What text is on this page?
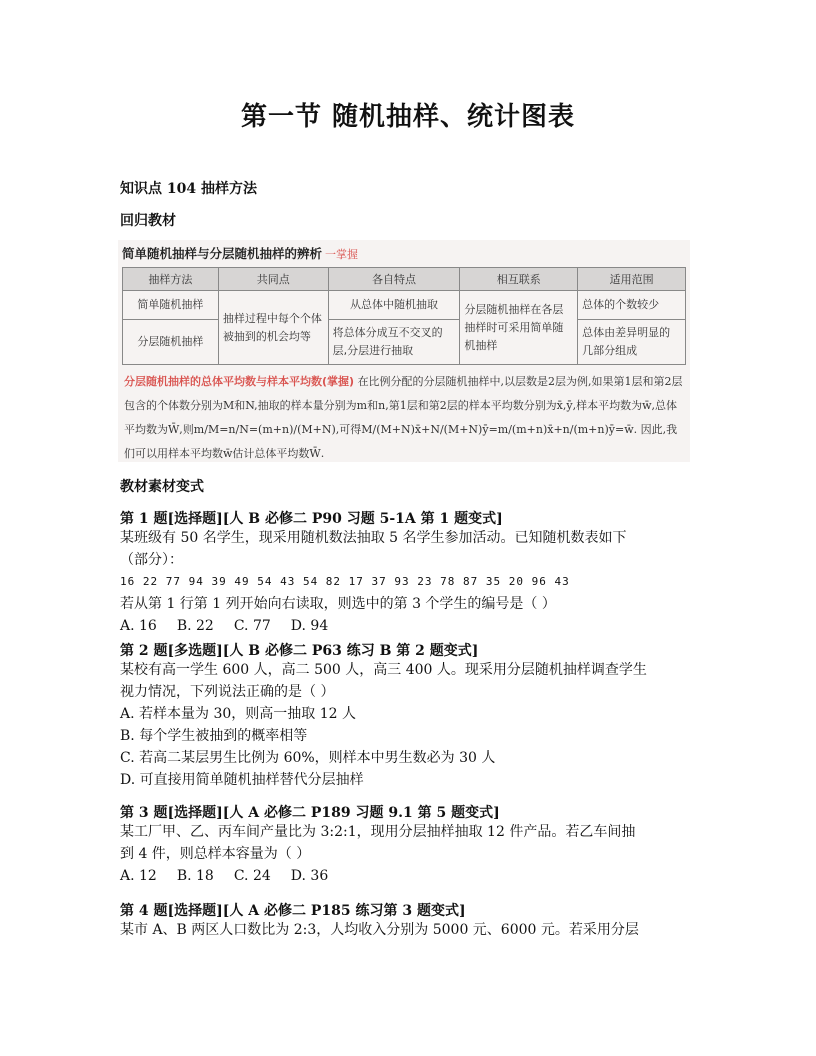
第一节 随机抽样、统计图表
知识点 104 抽样方法
回归教材
简单随机抽样与分层随机抽样的辨析 一掌握
抽样方法	共同点	各自特点	相互联系	适用范围
简单随机抽样	抽样过程中每个个体被抽到的机会均等	从总体中随机抽取	分层随机抽样在各层抽样时可采用简单随机抽样	总体的个数较少
分层随机抽样		将总体分成互不交叉的层,分层进行抽取		总体由差异明显的几部分组成
分层随机抽样的总体平均数与样本平均数(掌握) 在比例分配的分层随机抽样中,以层数是2层为例,如果第1层和第2层包含的个体数分别为M和N,抽取的样本量分别为m和n,第1层和第2层的样本平均数分别为x̄,ȳ,样本平均数为w̄,总体平均数为W̄,则m/M=n/N=(m+n)/(M+N),可得M/(M+N)x̄+N/(M+N)ȳ=m/(m+n)x̄+n/(m+n)ȳ=w̄. 因此,我们可以用样本平均数w̄估计总体平均数W̄.
教材素材变式
第 1 题[选择题][人 B 必修二 P90 习题 5-1A 第 1 题变式]
某班级有 50 名学生，现采用随机数法抽取 5 名学生参加活动。已知随机数表如下
（部分）：
16 22 77 94 39 49 54 43 54 82 17 37 93 23 78 87 35 20 96 43
若从第 1 行第 1 列开始向右读取，则选中的第 3 个学生的编号是（ ）
A. 16 B. 22 C. 77 D. 94
第 2 题[多选题][人 B 必修二 P63 练习 B 第 2 题变式]
某校有高一学生 600 人，高二 500 人，高三 400 人。现采用分层随机抽样调查学生
视力情况，下列说法正确的是（ ）
A. 若样本量为 30，则高一抽取 12 人
B. 每个学生被抽到的概率相等
C. 若高二某层男生比例为 60%，则样本中男生数必为 30 人
D. 可直接用简单随机抽样替代分层抽样
第 3 题[选择题][人 A 必修二 P189 习题 9.1 第 5 题变式]
某工厂甲、乙、丙车间产量比为 3:2:1，现用分层抽样抽取 12 件产品。若乙车间抽
到 4 件，则总样本容量为（ ）
A. 12 B. 18 C. 24 D. 36
第 4 题[选择题][人 A 必修二 P185 练习第 3 题变式]
某市 A、B 两区人口数比为 2:3，人均收入分别为 5000 元、6000 元。若采用分层
